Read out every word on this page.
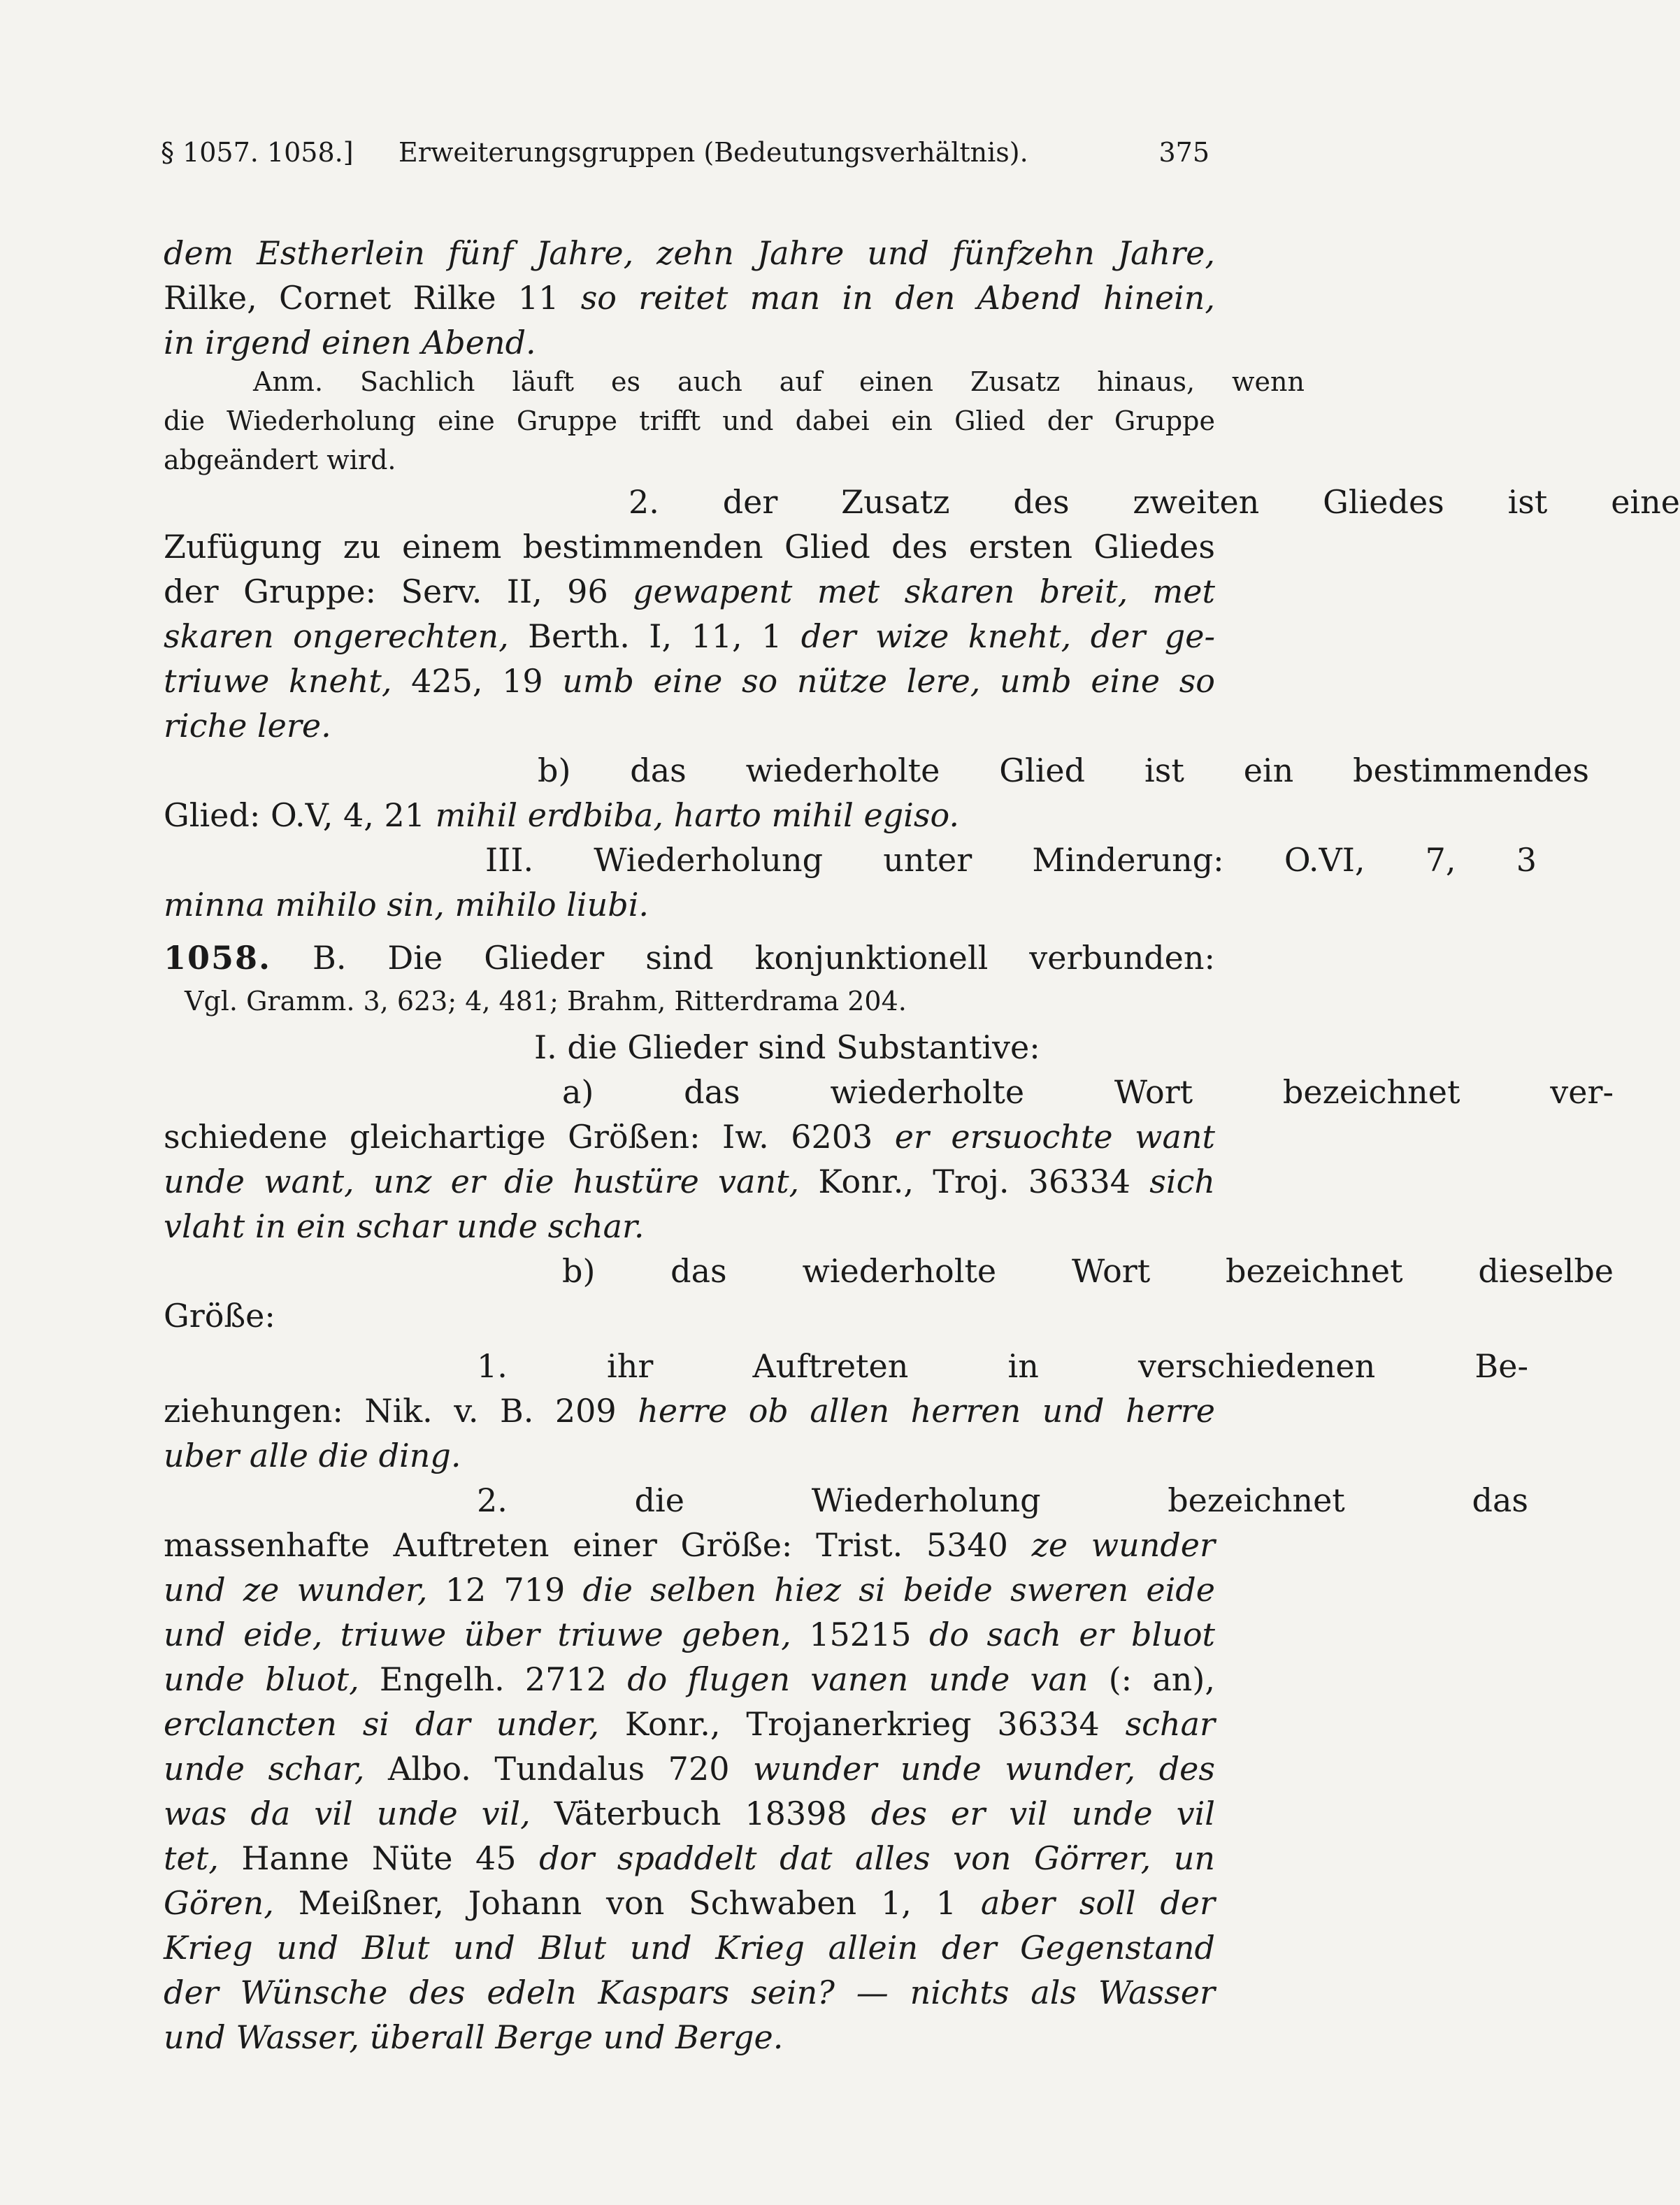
§ 1057. 1058.] Erweiterungsgruppen (Bedeutungsverhältnis).	375
dem Estherlein fünf Jahre, zehn Jahre und fünfzehn Jahre,
Rilke, Cornet Rilke 11 so reitet man in den Abend hinein,
in irgend einen Abend.
Anm. Sachlich läuft es auch auf einen Zusatz hinaus, wenn
die Wiederholung eine Gruppe trifft und dabei ein Glied der Gruppe
abgeändert wird.
2. der Zusatz des zweiten Gliedes ist eine
Zufügung zu einem bestimmenden Glied des ersten Gliedes
der Gruppe: Serv. II, 96 gewapent met skaren breit, met
skaren ongerechten, Berth. I, 11, 1 der wize kneht, der ge-
triuwe kneht, 425, 19 umb eine so nütze lere, umb eine so
riche lere.
b) das wiederholte Glied ist ein bestimmendes
Glied: O.V, 4, 21 mihil erdbiba, harto mihil egiso.
III. Wiederholung unter Minderung: O.VI, 7, 3
minna mihilo sin, mihilo liubi.
1058. B. Die Glieder sind konjunktionell verbunden:
Vgl. Gramm. 3, 623; 4, 481; Brahm, Ritterdrama 204.
I. die Glieder sind Substantive:
a) das wiederholte Wort bezeichnet ver-
schiedene gleichartige Größen: Iw. 6203 er ersuochte want
unde want, unz er die hustüre vant, Konr., Troj. 36334 sich
vlaht in ein schar unde schar.
b) das wiederholte Wort bezeichnet dieselbe
Größe:
1. ihr Auftreten in verschiedenen Be-
ziehungen: Nik. v. B. 209 herre ob allen herren und herre
uber alle die ding.
2. die Wiederholung bezeichnet das
massenhafte Auftreten einer Größe: Trist. 5340 ze wunder
und ze wunder, 12 719 die selben hiez si beide sweren eide
und eide, triuwe über triuwe geben, 15215 do sach er bluot
unde bluot, Engelh. 2712 do flugen vanen unde van (: an),
erclancten si dar under, Konr., Trojanerkrieg 36334 schar
unde schar, Albo. Tundalus 720 wunder unde wunder, des
was da vil unde vil, Väterbuch 18398 des er vil unde vil
tet, Hanne Nüte 45 dor spaddelt dat alles von Görrer, un
Gören, Meißner, Johann von Schwaben 1, 1 aber soll der
Krieg und Blut und Blut und Krieg allein der Gegenstand
der Wünsche des edeln Kaspars sein? — nichts als Wasser
und Wasser, überall Berge und Berge.
